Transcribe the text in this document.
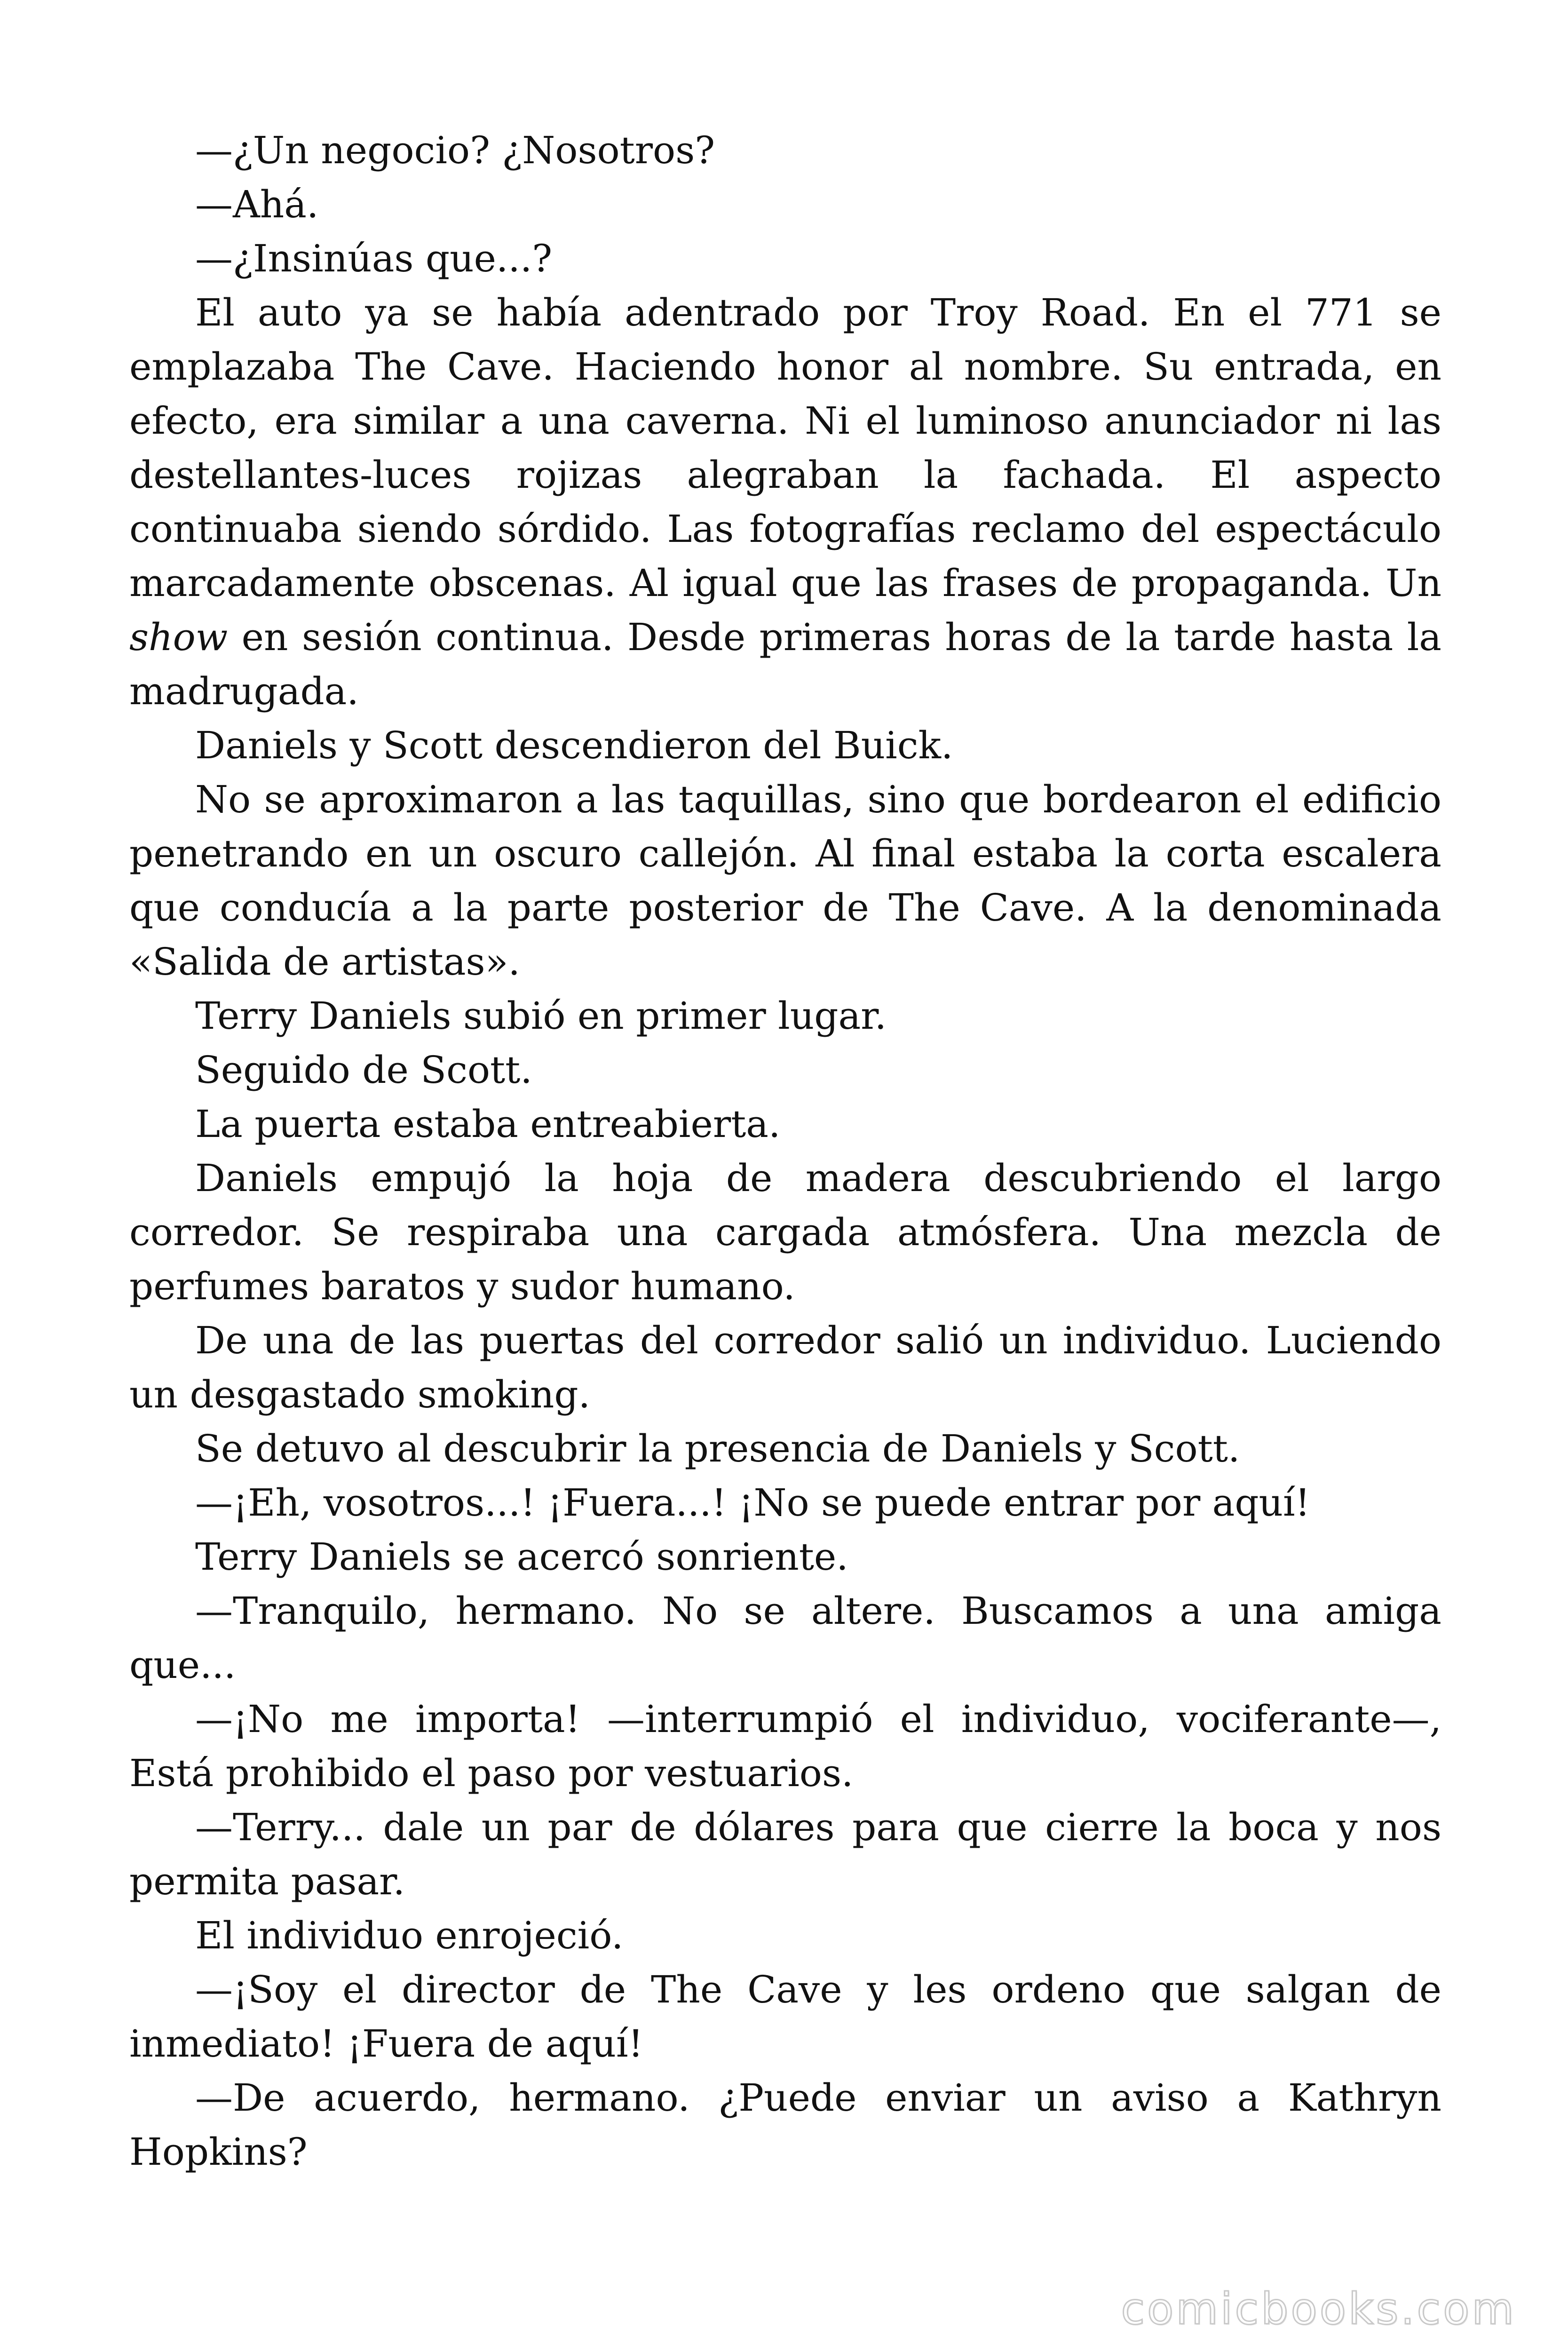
—¿Un negocio? ¿Nosotros?

—Ahá.

—¿Insinúas que...?

El auto ya se había adentrado por Troy Road. En el 771 se emplazaba The Cave. Haciendo honor al nombre. Su entrada, en efecto, era similar a una caverna. Ni el luminoso anunciador ni las destellantes-luces rojizas alegraban la fachada. El aspecto continuaba siendo sórdido. Las fotografías reclamo del espectáculo marcadamente obscenas. Al igual que las frases de propaganda. Un show en sesión continua. Desde primeras horas de la tarde hasta la madrugada.

Daniels y Scott descendieron del Buick.

No se aproximaron a las taquillas, sino que bordearon el edificio penetrando en un oscuro callejón. Al final estaba la corta escalera que conducía a la parte posterior de The Cave. A la denominada «Salida de artistas».

Terry Daniels subió en primer lugar.

Seguido de Scott.

La puerta estaba entreabierta.

Daniels empujó la hoja de madera descubriendo el largo corredor. Se respiraba una cargada atmósfera. Una mezcla de perfumes baratos y sudor humano.

De una de las puertas del corredor salió un individuo. Luciendo un desgastado smoking.

Se detuvo al descubrir la presencia de Daniels y Scott.

—¡Eh, vosotros...! ¡Fuera...! ¡No se puede entrar por aquí!

Terry Daniels se acercó sonriente.

—Tranquilo, hermano. No se altere. Buscamos a una amiga que...

—¡No me importa! —interrumpió el individuo, vociferante—, Está prohibido el paso por vestuarios.

—Terry... dale un par de dólares para que cierre la boca y nos permita pasar.

El individuo enrojeció.

—¡Soy el director de The Cave y les ordeno que salgan de inmediato! ¡Fuera de aquí!

—De acuerdo, hermano. ¿Puede enviar un aviso a Kathryn Hopkins?

comicbooks.com
